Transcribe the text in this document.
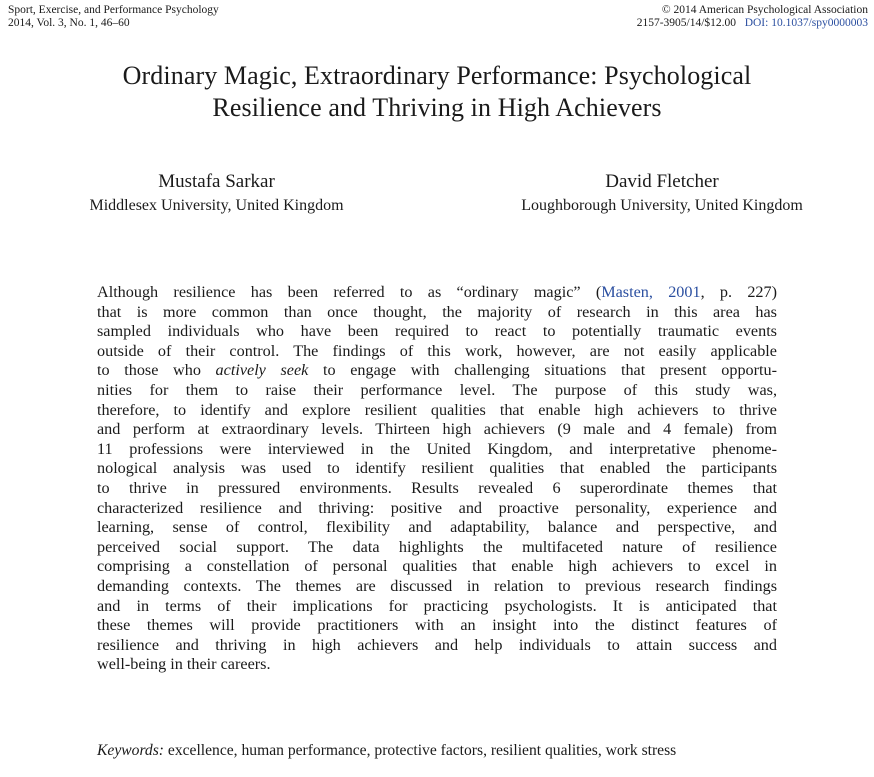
Sport, Exercise, and Performance Psychology
2014, Vol. 3, No. 1, 46–60
© 2014 American Psychological Association
2157-3905/14/$12.00 DOI: 10.1037/spy0000003
Ordinary Magic, Extraordinary Performance: Psychological
Resilience and Thriving in High Achievers
Mustafa Sarkar
Middlesex University, United Kingdom
David Fletcher
Loughborough University, United Kingdom
Although resilience has been referred to as “ordinary magic” (Masten, 2001, p. 227)
that is more common than once thought, the majority of research in this area has
sampled individuals who have been required to react to potentially traumatic events
outside of their control. The findings of this work, however, are not easily applicable
to those who actively seek to engage with challenging situations that present opportu-
nities for them to raise their performance level. The purpose of this study was,
therefore, to identify and explore resilient qualities that enable high achievers to thrive
and perform at extraordinary levels. Thirteen high achievers (9 male and 4 female) from
11 professions were interviewed in the United Kingdom, and interpretative phenome-
nological analysis was used to identify resilient qualities that enabled the participants
to thrive in pressured environments. Results revealed 6 superordinate themes that
characterized resilience and thriving: positive and proactive personality, experience and
learning, sense of control, flexibility and adaptability, balance and perspective, and
perceived social support. The data highlights the multifaceted nature of resilience
comprising a constellation of personal qualities that enable high achievers to excel in
demanding contexts. The themes are discussed in relation to previous research findings
and in terms of their implications for practicing psychologists. It is anticipated that
these themes will provide practitioners with an insight into the distinct features of
resilience and thriving in high achievers and help individuals to attain success and
well-being in their careers.
Keywords: excellence, human performance, protective factors, resilient qualities, work stress
